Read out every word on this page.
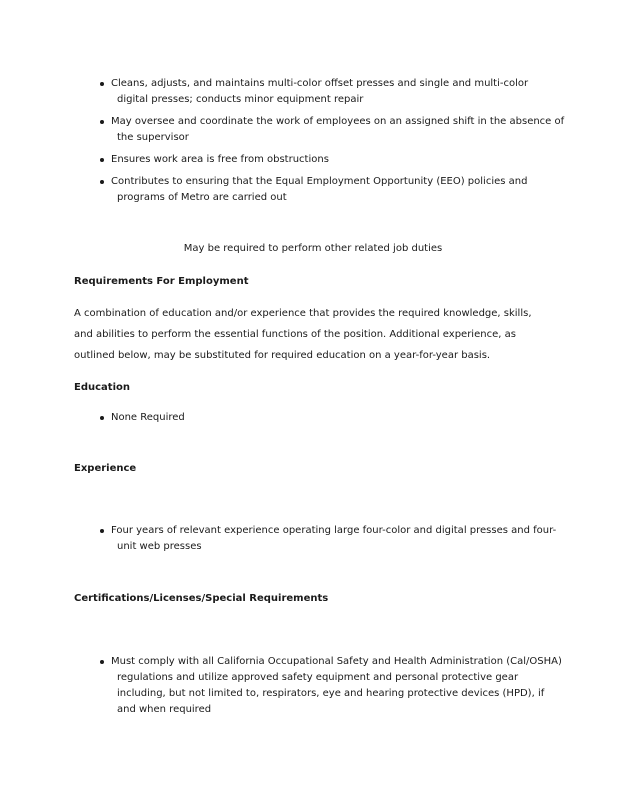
Cleans, adjusts, and maintains multi-color offset presses and single and multi-color
digital presses; conducts minor equipment repair
May oversee and coordinate the work of employees on an assigned shift in the absence of
the supervisor
Ensures work area is free from obstructions
Contributes to ensuring that the Equal Employment Opportunity (EEO) policies and
programs of Metro are carried out
May be required to perform other related job duties
Requirements For Employment
A combination of education and/or experience that provides the required knowledge, skills, and abilities to perform the essential functions of the position. Additional experience, as outlined below, may be substituted for required education on a year-for-year basis.
Education
None Required
Experience
Four years of relevant experience operating large four-color and digital presses and four-
unit web presses
Certifications/Licenses/Special Requirements
Must comply with all California Occupational Safety and Health Administration (Cal/OSHA)
regulations and utilize approved safety equipment and personal protective gear
including, but not limited to, respirators, eye and hearing protective devices (HPD), if
and when required
